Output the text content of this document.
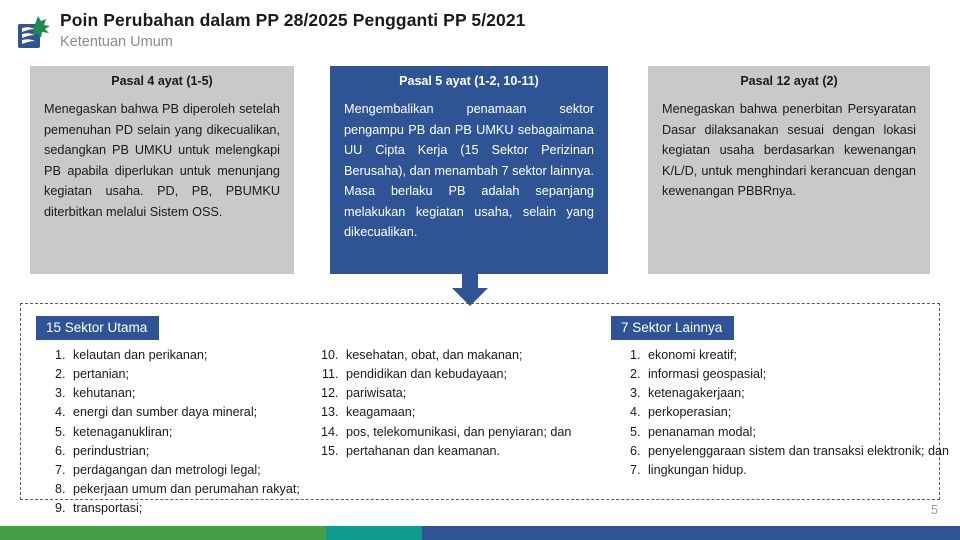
Poin Perubahan dalam PP 28/2025 Pengganti PP 5/2021
Ketentuan Umum
Pasal 4 ayat (1-5)
Menegaskan bahwa PB diperoleh setelah pemenuhan PD selain yang dikecualikan, sedangkan PB UMKU untuk melengkapi PB apabila diperlukan untuk menunjang kegiatan usaha. PD, PB, PBUMKU diterbitkan melalui Sistem OSS.
Pasal 5 ayat (1-2, 10-11)
Mengembalikan penamaan sektor pengampu PB dan PB UMKU sebagaimana UU Cipta Kerja (15 Sektor Perizinan Berusaha), dan menambah 7 sektor lainnya. Masa berlaku PB adalah sepanjang melakukan kegiatan usaha, selain yang dikecualikan.
Pasal 12 ayat (2)
Menegaskan bahwa penerbitan Persyaratan Dasar dilaksanakan sesuai dengan lokasi kegiatan usaha berdasarkan kewenangan K/L/D, untuk menghindari kerancuan dengan kewenangan PBBRnya.
15 Sektor Utama	7 Sektor Lainnya
1. kelautan dan perikanan;
2. pertanian;
3. kehutanan;
4. energi dan sumber daya mineral;
5. ketenaganukliran;
6. perindustrian;
7. perdagangan dan metrologi legal;
8. pekerjaan umum dan perumahan rakyat;
9. transportasi;
10. kesehatan, obat, dan makanan;
11. pendidikan dan kebudayaan;
12. pariwisata;
13. keagamaan;
14. pos, telekomunikasi, dan penyiaran; dan
15. pertahanan dan keamanan.
1. ekonomi kreatif;
2. informasi geospasial;
3. ketenagakerjaan;
4. perkoperasian;
5. penanaman modal;
6. penyelenggaraan sistem dan transaksi elektronik; dan
7. lingkungan hidup.
5
